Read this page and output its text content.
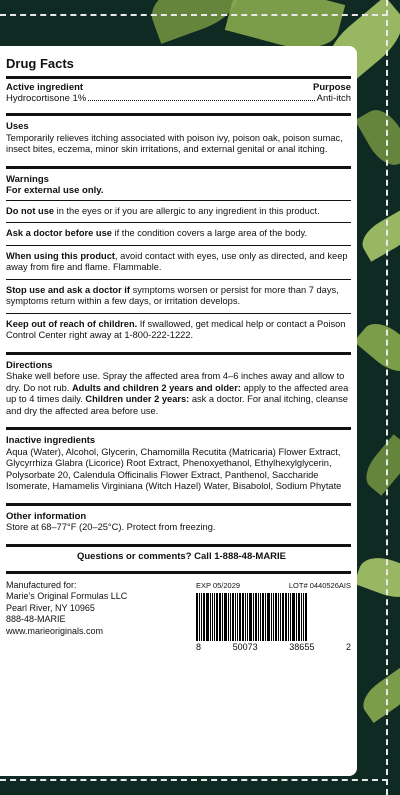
Drug Facts
Active ingredient	Purpose
Hydrocortisone 1%	Anti-itch
Uses

Temporarily relieves itching associated with poison ivy, poison oak, poison sumac, insect bites, eczema, minor skin irritations, and external genital or anal itching.

Warnings
For external use only.

Do not use in the eyes or if you are allergic to any ingredient in this product.

Ask a doctor before use if the condition covers a large area of the body.

When using this product, avoid contact with eyes, use only as directed, and keep away from fire and flame. Flammable.

Stop use and ask a doctor if symptoms worsen or persist for more than 7 days, symptoms return within a few days, or irritation develops.

Keep out of reach of children. If swallowed, get medical help or contact a Poison Control Center right away at 1-800-222-1222.

Directions

Shake well before use. Spray the affected area from 4–6 inches away and allow to dry. Do not rub. Adults and children 2 years and older: apply to the affected area up to 4 times daily. Children under 2 years: ask a doctor. For anal itching, cleanse and dry the affected area before use.

Inactive ingredients

Aqua (Water), Alcohol, Glycerin, Chamomilla Recutita (Matricaria) Flower Extract, Glycyrrhiza Glabra (Licorice) Root Extract, Phenoxyethanol, Ethylhexylglycerin, Polysorbate 20, Calendula Officinalis Flower Extract, Panthenol, Saccharide Isomerate, Hamamelis Virginiana (Witch Hazel) Water, Bisabolol, Sodium Phytate

Other information

Store at 68–77°F (20–25°C). Protect from freezing.

Questions or comments? Call 1-888-48-MARIE
Manufactured for:
Marie's Original Formulas LLC
Pearl River, NY 10965
888-48-MARIE
www.marieoriginals.com
EXP 05/2029	LOT# 0440526AIS
8	50073	38655	2
